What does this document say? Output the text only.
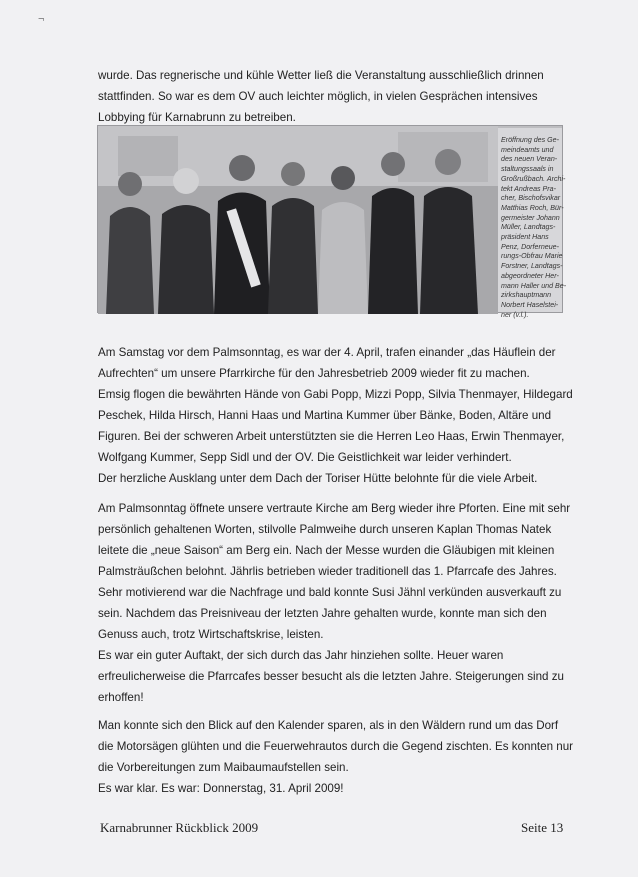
¬

wurde. Das regnerische und kühle Wetter ließ die Veranstaltung ausschließlich drinnen
stattfinden. So war es dem OV auch leichter möglich, in vielen Gesprächen intensives
Lobbying für Karnabrunn zu betreiben.

Eröffnung des Ge-
meindeamts und
des neuen Veran-
staltungssaals in
Großrußbach. Archi-
tekt Andreas Pra-
cher, Bischofsvikar
Matthias Roch, Bür-
germeister Johann
Müller, Landtags-
präsident Hans
Penz, Dorferneue-
rungs-Obfrau Marie
Forstner, Landtags-
abgeordneter Her-
mann Haller und Be-
zirkshauptmann
Norbert Haselstei-
ner (v.l.).

Am Samstag vor dem Palmsonntag, es war der 4. April, trafen einander „das Häuflein der
Aufrechten“ um unsere Pfarrkirche für den Jahresbetrieb 2009 wieder fit zu machen.
Emsig flogen die bewährten Hände von Gabi Popp, Mizzi Popp, Silvia Thenmayer, Hildegard
Peschek, Hilda Hirsch, Hanni Haas und Martina Kummer über Bänke, Boden, Altäre und
Figuren. Bei der schweren Arbeit unterstützten sie die Herren Leo Haas, Erwin Thenmayer,
Wolfgang Kummer, Sepp Sidl und der OV. Die Geistlichkeit war leider verhindert.
Der herzliche Ausklang unter dem Dach der Toriser Hütte belohnte für die viele Arbeit.

Am Palmsonntag öffnete unsere vertraute Kirche am Berg wieder ihre Pforten. Eine mit sehr
persönlich gehaltenen Worten, stilvolle Palmweihe durch unseren Kaplan Thomas Natek
leitete die „neue Saison“ am Berg ein. Nach der Messe wurden die Gläubigen mit kleinen
Palmsträußchen belohnt. Jährlis betrieben wieder traditionell das 1. Pfarrcafe des Jahres.
Sehr motivierend war die Nachfrage und bald konnte Susi Jähnl verkünden ausverkauft zu
sein. Nachdem das Preisniveau der letzten Jahre gehalten wurde, konnte man sich den
Genuss auch, trotz Wirtschaftskrise, leisten.
Es war ein guter Auftakt, der sich durch das Jahr hinziehen sollte. Heuer waren
erfreulicherweise die Pfarrcafes besser besucht als die letzten Jahre. Steigerungen sind zu
erhoffen!

Man konnte sich den Blick auf den Kalender sparen, als in den Wäldern rund um das Dorf
die Motorsägen glühten und die Feuerwehrautos durch die Gegend zischten. Es konnten nur
die Vorbereitungen zum Maibaumaufstellen sein.
Es war klar. Es war: Donnerstag, 31. April 2009!

Karnabrunner Rückblick 2009	Seite 13
